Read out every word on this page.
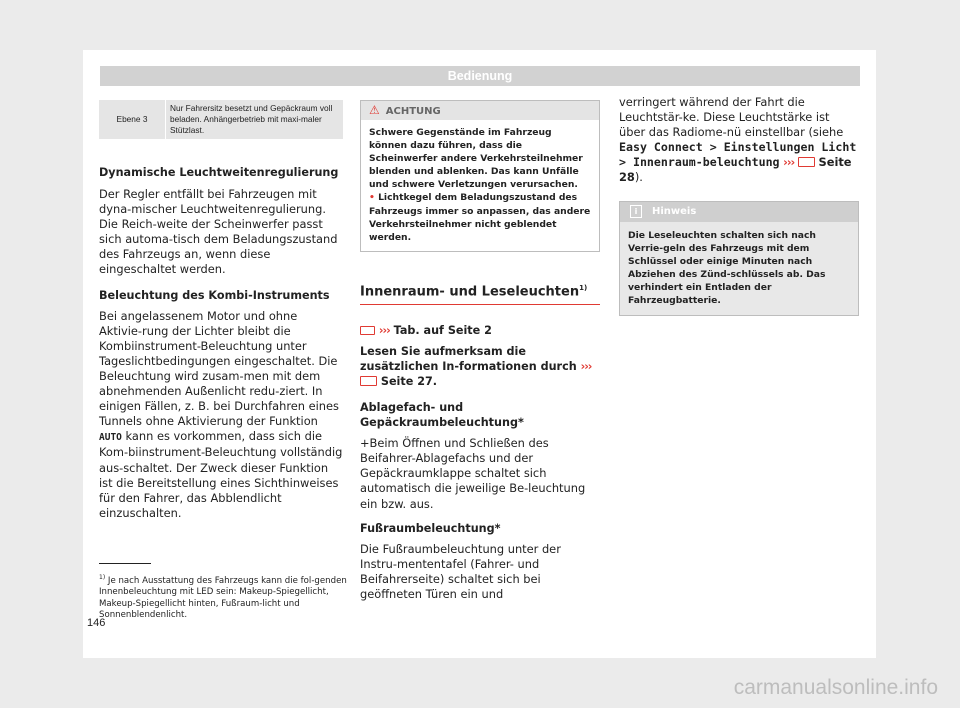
Bedienung
Ebene 3	Nur Fahrersitz besetzt und Gepäckraum voll beladen. Anhängerbetrieb mit maxi-maler Stützlast.

Dynamische Leuchtweitenregulierung

Der Regler entfällt bei Fahrzeugen mit dyna-mischer Leuchtweitenregulierung. Die Reich-weite der Scheinwerfer passt sich automa-tisch dem Beladungszustand des Fahrzeugs an, wenn diese eingeschaltet werden.

Beleuchtung des Kombi-Instruments

Bei angelassenem Motor und ohne Aktivie-rung der Lichter bleibt die Kombiinstrument-Beleuchtung unter Tageslichtbedingungen eingeschaltet. Die Beleuchtung wird zusam-men mit dem abnehmenden Außenlicht redu-ziert. In einigen Fällen, z. B. bei Durchfahren eines Tunnels ohne Aktivierung der Funktion AUTO kann es vorkommen, dass sich die Kom-biinstrument-Beleuchtung vollständig aus-schaltet. Der Zweck dieser Funktion ist die Bereitstellung eines Sichthinweises für den Fahrer, das Abblendlicht einzuschalten.

⚠ ACHTUNG

Schwere Gegenstände im Fahrzeug können dazu führen, dass die Scheinwerfer andere Verkehrsteilnehmer blenden und ablenken. Das kann Unfälle und schwere Verletzungen verursachen.

• Lichtkegel dem Beladungszustand des Fahrzeugs immer so anpassen, das andere Verkehrsteilnehmer nicht geblendet werden.

Innenraum- und Leseleuchten$^{1)}$

››› Tab. auf Seite 2

Lesen Sie aufmerksam die zusätzlichen In-formationen durch ›››  Seite 27.

Ablagefach- und Gepäckraumbeleuchtung*

+Beim Öffnen und Schließen des Beifahrer-Ablagefachs und der Gepäckraumklappe schaltet sich automatisch die jeweilige Be-leuchtung ein bzw. aus.

Fußraumbeleuchtung*

Die Fußraumbeleuchtung unter der Instru-mententafel (Fahrer- und Beifahrerseite) schaltet sich bei geöffneten Türen ein und

verringert während der Fahrt die Leuchtstär-ke. Diese Leuchtstärke ist über das Radiome-nü einstellbar (siehe Easy Connect > Einstellungen Licht > Innenraum-beleuchtung ››› Seite 28).

i Hinweis
Die Leseleuchten schalten sich nach Verrie-geln des Fahrzeugs mit dem Schlüssel oder einige Minuten nach Abziehen des Zünd-schlüssels ab. Das verhindert ein Entladen der Fahrzeugbatterie.
$^{1)}$ Je nach Ausstattung des Fahrzeugs kann die fol-genden Innenbeleuchtung mit LED sein: Makeup-Spiegellicht, Makeup-Spiegellicht hinten, Fußraum-licht und Sonnenblendenlicht.
146
carmanualsonline.info
